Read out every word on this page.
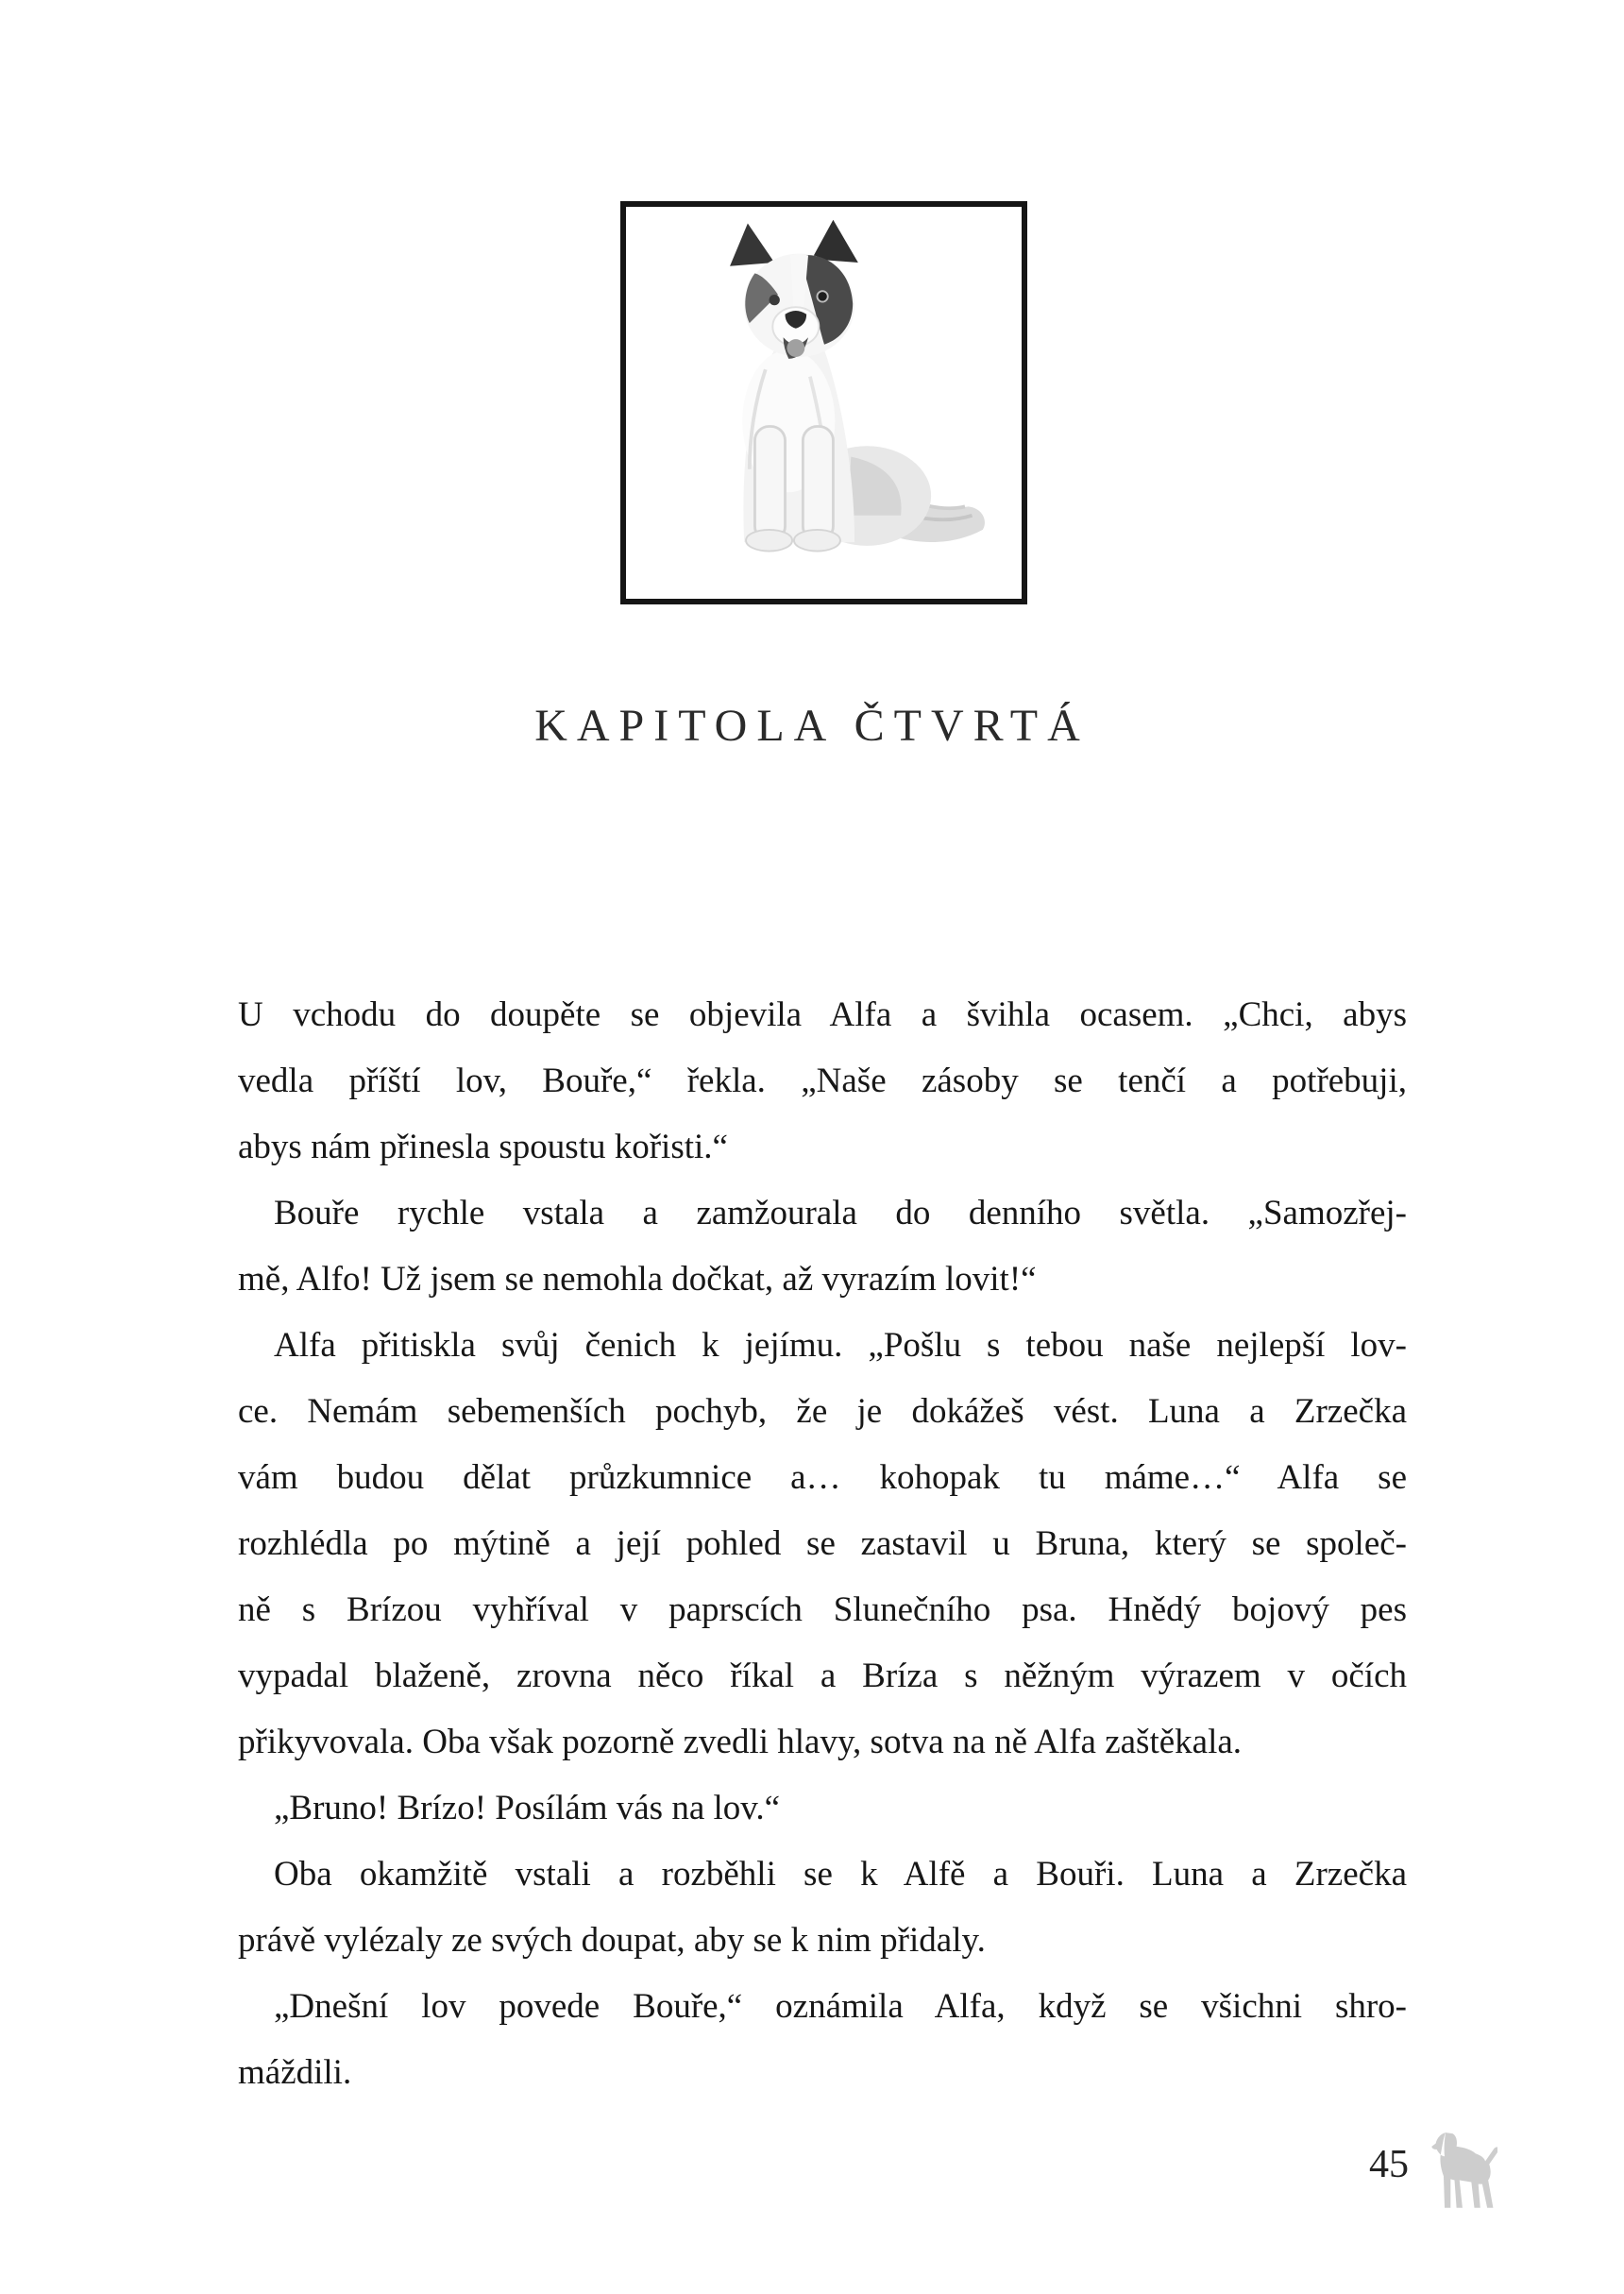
KAPITOLA ČTVRTÁ
U vchodu do doupěte se objevila Alfa a švihla ocasem. „Chci, abys
vedla příští lov, Bouře,“ řekla. „Naše zásoby se tenčí a potřebuji,
abys nám přinesla spoustu kořisti.“
Bouře rychle vstala a zamžourala do denního světla. „Samozřej-
mě, Alfo! Už jsem se nemohla dočkat, až vyrazím lovit!“
Alfa přitiskla svůj čenich k jejímu. „Pošlu s tebou naše nejlepší lov-
ce. Nemám sebemenších pochyb, že je dokážeš vést. Luna a Zrzečka
vám budou dělat průzkumnice a… kohopak tu máme…“ Alfa se
rozhlédla po mýtině a její pohled se zastavil u Bruna, který se společ-
ně s Brízou vyhříval v paprscích Slunečního psa. Hnědý bojový pes
vypadal blaženě, zrovna něco říkal a Bríza s něžným výrazem v očích
přikyvovala. Oba však pozorně zvedli hlavy, sotva na ně Alfa zaštěkala.
„Bruno! Brízo! Posílám vás na lov.“
Oba okamžitě vstali a rozběhli se k Alfě a Bouři. Luna a Zrzečka
právě vylézaly ze svých doupat, aby se k nim přidaly.
„Dnešní lov povede Bouře,“ oznámila Alfa, když se všichni shro-
máždili.
45
